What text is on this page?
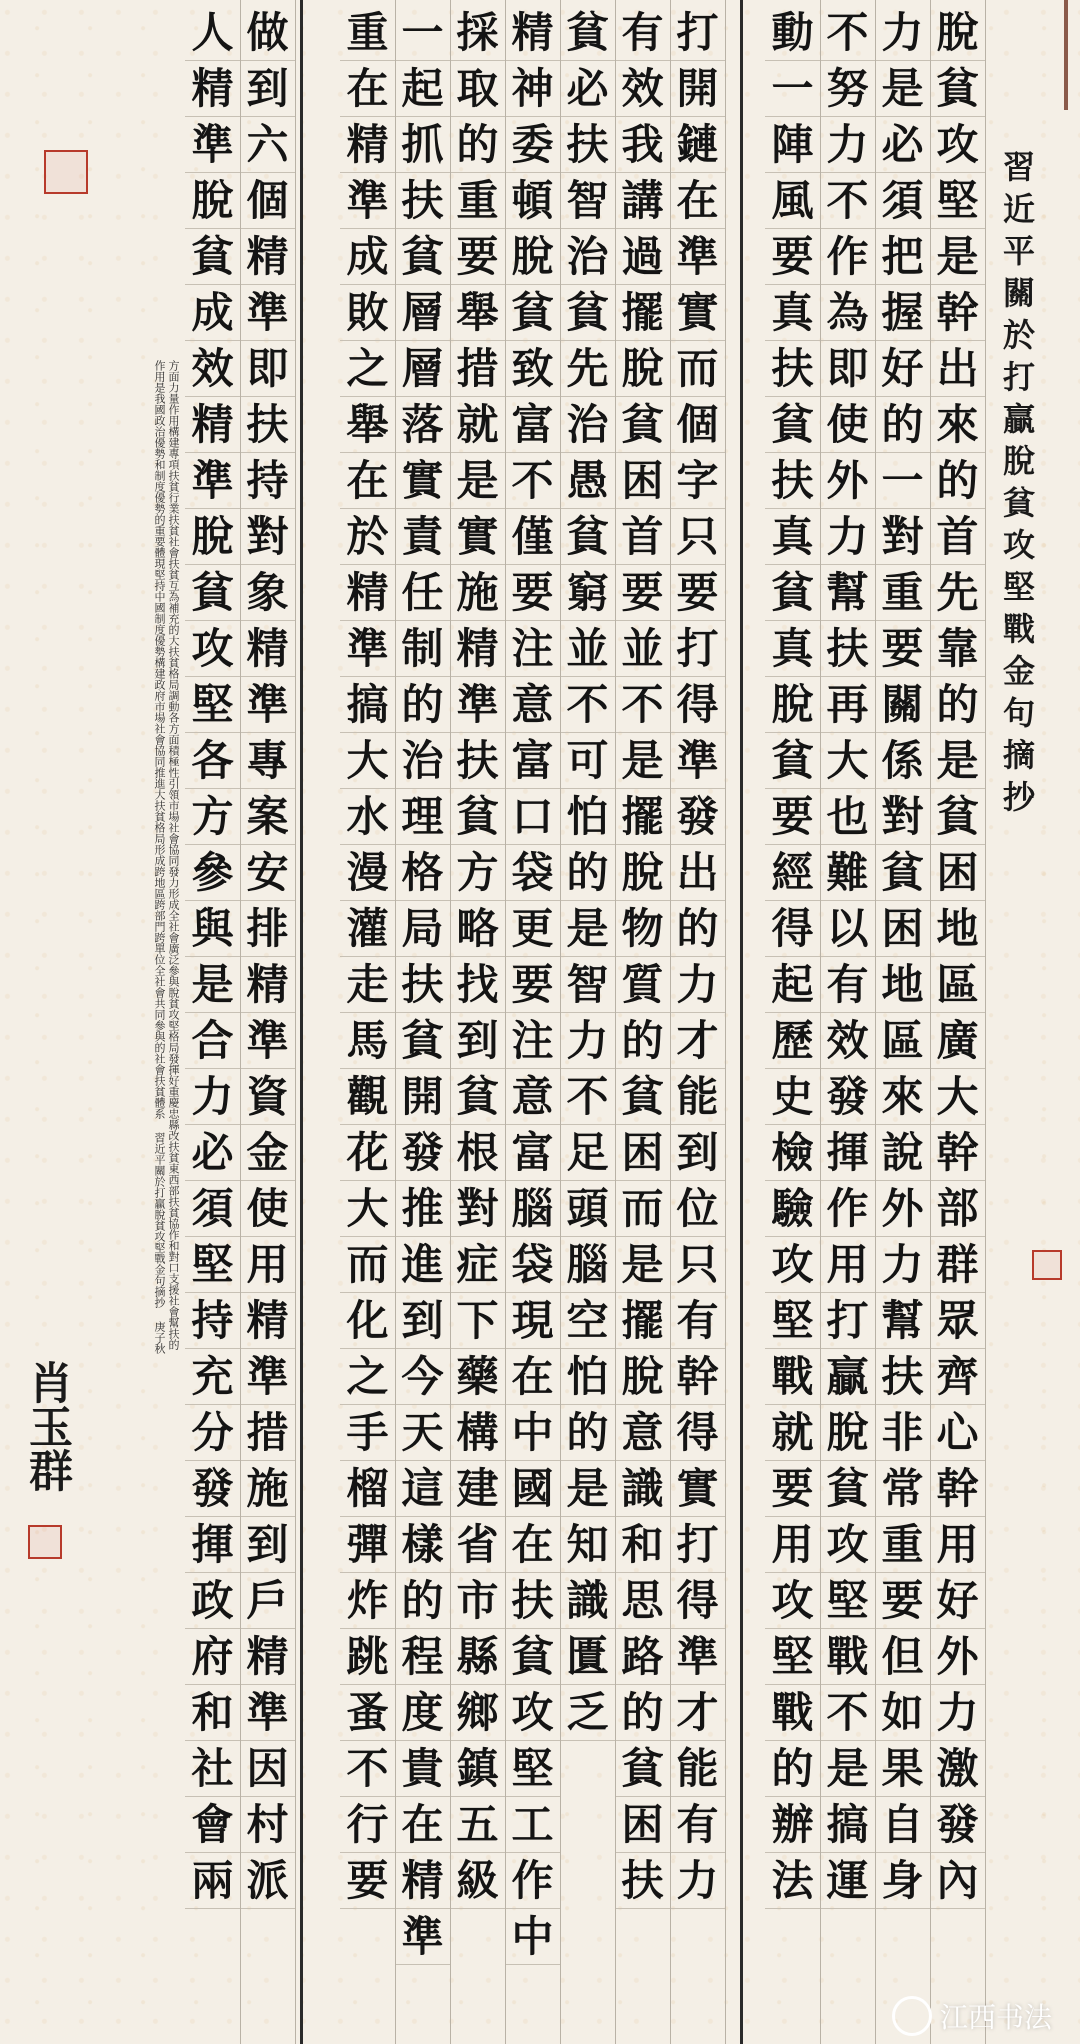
脫
貧
攻
堅
是
幹
出
來
的
首
先
靠
的
是
貧
困
地
區
廣
大
幹
部
群
眾
齊
心
幹
用
好
外
力
激
發
內
力
是
必
須
把
握
好
的
一
對
重
要
關
係
對
貧
困
地
區
來
說
外
力
幫
扶
非
常
重
要
但
如
果
自
身
不
努
力
不
作
為
即
使
外
力
幫
扶
再
大
也
難
以
有
效
發
揮
作
用
打
贏
脫
貧
攻
堅
戰
不
是
搞
運
動
一
陣
風
要
真
扶
貧
扶
真
貧
真
脫
貧
要
經
得
起
歷
史
檢
驗
攻
堅
戰
就
要
用
攻
堅
戰
的
辦
法
打
開
鏈
在
準
實
而
個
字
只
要
打
得
準
發
出
的
力
才
能
到
位
只
有
幹
得
實
打
得
準
才
能
有
力
有
效
我
講
過
擺
脫
貧
困
首
要
並
不
是
擺
脫
物
質
的
貧
困
而
是
擺
脫
意
識
和
思
路
的
貧
困
扶
貧
必
扶
智
治
貧
先
治
愚
貧
窮
並
不
可
怕
的
是
智
力
不
足
頭
腦
空
怕
的
是
知
識
匱
乏
精
神
委
頓
脫
貧
致
富
不
僅
要
注
意
富
口
袋
更
要
注
意
富
腦
袋
現
在
中
國
在
扶
貧
攻
堅
工
作
中
採
取
的
重
要
舉
措
就
是
實
施
精
準
扶
貧
方
略
找
到
貧
根
對
症
下
藥
構
建
省
市
縣
鄉
鎮
五
級
一
起
抓
扶
貧
層
層
落
實
責
任
制
的
治
理
格
局
扶
貧
開
發
推
進
到
今
天
這
樣
的
程
度
貴
在
精
準
重
在
精
準
成
敗
之
舉
在
於
精
準
搞
大
水
漫
灌
走
馬
觀
花
大
而
化
之
手
榴
彈
炸
跳
蚤
不
行
要
做
到
六
個
精
準
即
扶
持
對
象
精
準
專
案
安
排
精
準
資
金
使
用
精
準
措
施
到
戶
精
準
因
村
派
人
精
準
脫
貧
成
效
精
準
脫
貧
攻
堅
各
方
參
與
是
合
力
必
須
堅
持
充
分
發
揮
政
府
和
社
會
兩
習近平關於打贏脫貧攻堅戰金句摘抄
方面力量作用構建專項扶貧行業扶貧社會扶貧互為補充的大扶貧格局調動各方面積極性引領市場社會協同發力形成全社會廣泛參與脫貧攻堅格局發揮好重慶忠縣改扶貧東西部扶貧協作和對口支援社會幫扶的作用是我國政治優勢和制度優勢的重要體現堅持中國制度優勢構建政府市場社會協同推進大扶貧格局形成跨地區跨部門跨單位全社會共同參與的社會扶貧體系 習近平關於打贏脫貧攻堅戰金句摘抄 庚子秋
肖玉群
江西书法
